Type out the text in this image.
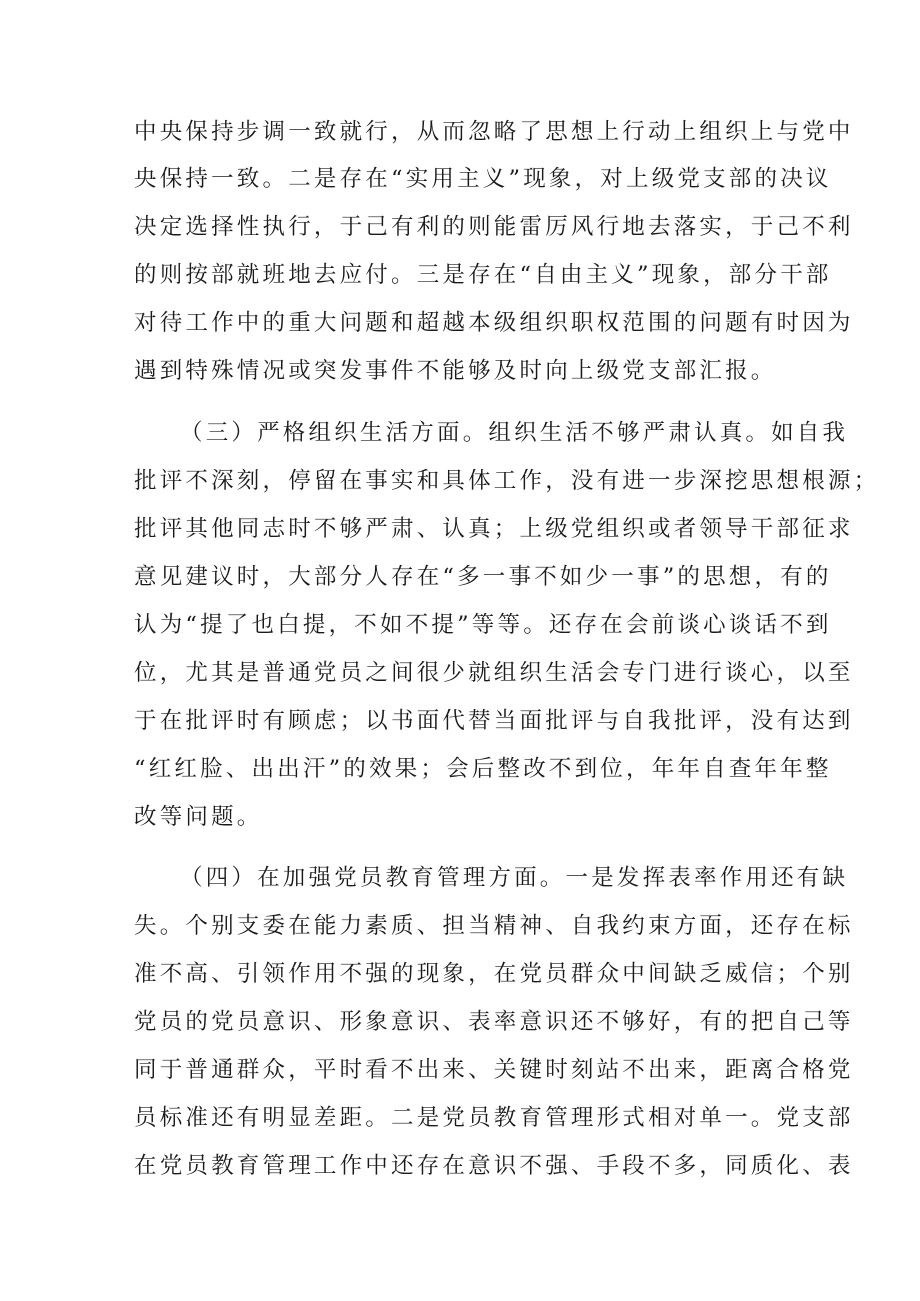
中央保持步调一致就行，从而忽略了思想上行动上组织上与党中
央保持一致。二是存在“实用主义”现象，对上级党支部的决议
决定选择性执行，于己有利的则能雷厉风行地去落实，于己不利
的则按部就班地去应付。三是存在“自由主义”现象，部分干部
对待工作中的重大问题和超越本级组织职权范围的问题有时因为
遇到特殊情况或突发事件不能够及时向上级党支部汇报。
（三）严格组织生活方面。组织生活不够严肃认真。如自我
批评不深刻，停留在事实和具体工作，没有进一步深挖思想根源；
批评其他同志时不够严肃、认真；上级党组织或者领导干部征求
意见建议时，大部分人存在“多一事不如少一事”的思想，有的
认为“提了也白提，不如不提”等等。还存在会前谈心谈话不到
位，尤其是普通党员之间很少就组织生活会专门进行谈心，以至
于在批评时有顾虑；以书面代替当面批评与自我批评，没有达到
“红红脸、出出汗”的效果；会后整改不到位，年年自查年年整
改等问题。
（四）在加强党员教育管理方面。一是发挥表率作用还有缺
失。个别支委在能力素质、担当精神、自我约束方面，还存在标
准不高、引领作用不强的现象，在党员群众中间缺乏威信；个别
党员的党员意识、形象意识、表率意识还不够好，有的把自己等
同于普通群众，平时看不出来、关键时刻站不出来，距离合格党
员标准还有明显差距。二是党员教育管理形式相对单一。党支部
在党员教育管理工作中还存在意识不强、手段不多，同质化、表
